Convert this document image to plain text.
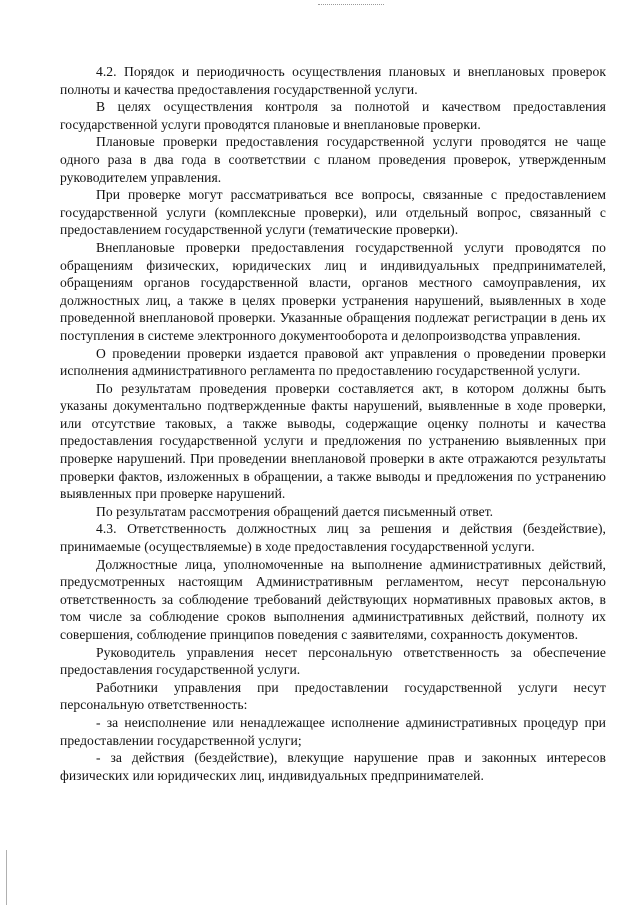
4.2. Порядок и периодичность осуществления плановых и внеплановых проверок полноты и качества предоставления государственной услуги.

В целях осуществления контроля за полнотой и качеством предоставления государственной услуги проводятся плановые и внеплановые проверки.

Плановые проверки предоставления государственной услуги проводятся не чаще одного раза в два года в соответствии с планом проведения проверок, утвержденным руководителем управления.

При проверке могут рассматриваться все вопросы, связанные с предоставлением государственной услуги (комплексные проверки), или отдельный вопрос, связанный с предоставлением государственной услуги (тематические проверки).

Внеплановые проверки предоставления государственной услуги проводятся по обращениям физических, юридических лиц и индивидуальных предпринимателей, обращениям органов государственной власти, органов местного самоуправления, их должностных лиц, а также в целях проверки устранения нарушений, выявленных в ходе проведенной внеплановой проверки. Указанные обращения подлежат регистрации в день их поступления в системе электронного документооборота и делопроизводства управления.

О проведении проверки издается правовой акт управления о проведении проверки исполнения административного регламента по предоставлению государственной услуги.

По результатам проведения проверки составляется акт, в котором должны быть указаны документально подтвержденные факты нарушений, выявленные в ходе проверки, или отсутствие таковых, а также выводы, содержащие оценку полноты и качества предоставления государственной услуги и предложения по устранению выявленных при проверке нарушений. При проведении внеплановой проверки в акте отражаются результаты проверки фактов, изложенных в обращении, а также выводы и предложения по устранению выявленных при проверке нарушений.

По результатам рассмотрения обращений дается письменный ответ.

4.3. Ответственность должностных лиц за решения и действия (бездействие), принимаемые (осуществляемые) в ходе предоставления государственной услуги.

Должностные лица, уполномоченные на выполнение административных действий, предусмотренных настоящим Административным регламентом, несут персональную ответственность за соблюдение требований действующих нормативных правовых актов, в том числе за соблюдение сроков выполнения административных действий, полноту их совершения, соблюдение принципов поведения с заявителями, сохранность документов.

Руководитель управления несет персональную ответственность за обеспечение предоставления государственной услуги.

Работники управления при предоставлении государственной услуги несут персональную ответственность:

- за неисполнение или ненадлежащее исполнение административных процедур при предоставлении государственной услуги;

- за действия (бездействие), влекущие нарушение прав и законных интересов физических или юридических лиц, индивидуальных предпринимателей.
